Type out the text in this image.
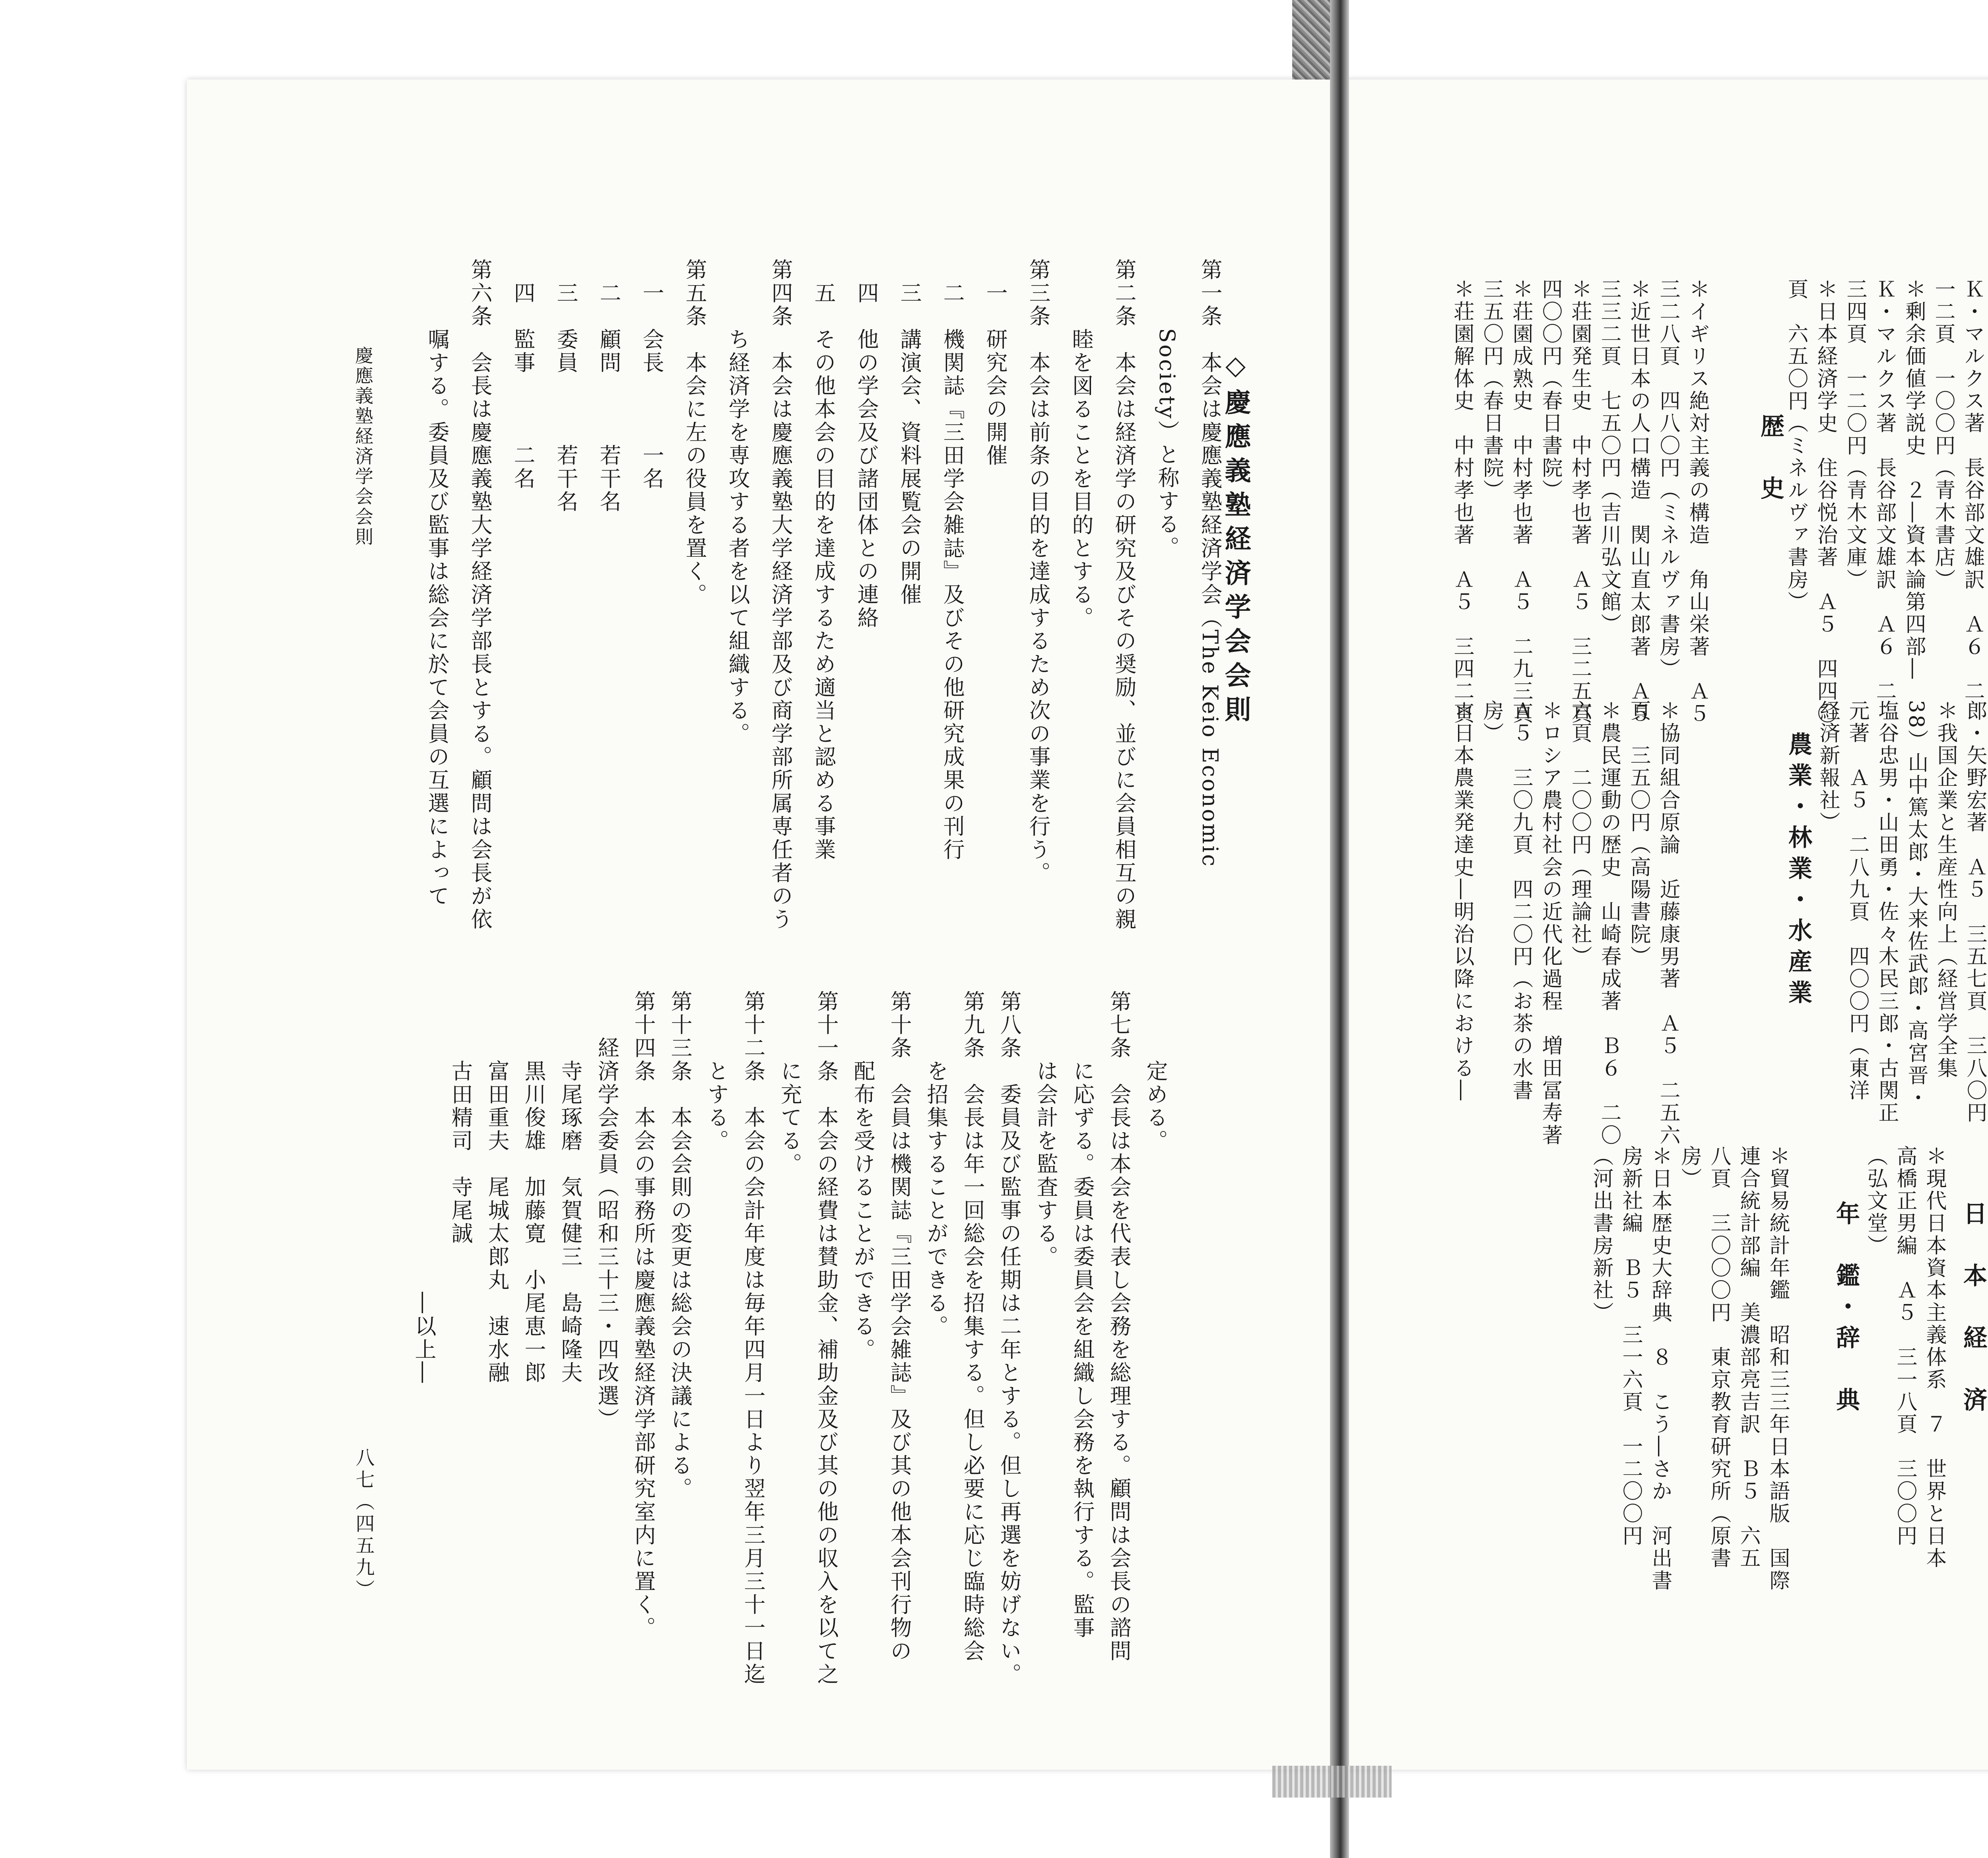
Ｋ・マルクス著　長谷部文雄訳　Ａ６　二
一二頁　一〇〇円（青木書店）
＊剰余価値学説史　２―資本論第四部―
Ｋ・マルクス著　長谷部文雄訳　Ａ６　二
三四頁　一二〇円（青木文庫）
＊日本経済学史　住谷悦治著　Ａ５　四四〇
頁　六五〇円（ミネルヴァ書房）
歴　史
＊イギリス絶対主義の構造　角山栄著　Ａ５
三二八頁　四八〇円（ミネルヴァ書房）
＊近世日本の人口構造　関山直太郎著　Ａ５
三三二頁　七五〇円（吉川弘文館）
＊荘園発生史　中村孝也著　Ａ５　三二五頁
四〇〇円（春日書院）
＊荘園成熟史　中村孝也著　Ａ５　二九三頁
三五〇円（春日書院）
＊荘園解体史　中村孝也著　Ａ５　三四二頁

郎・矢野宏著　Ａ５　三五七頁　三八〇円
＊我国企業と生産性向上（経営学全集
38）山中篤太郎・大来佐武郎・高宮晋・
塩谷忠男・山田勇・佐々木民三郎・古関正
元著　Ａ５　二八九頁　四〇〇円（東洋
経済新報社）
農業・林業・水産業
＊協同組合原論　近藤康男著　Ａ５　二五六
頁　三五〇円（高陽書院）
＊農民運動の歴史　山崎春成著　Ｂ６　二〇
六頁　二〇〇円（理論社）
＊ロシア農村社会の近代化過程　増田冨寿著
Ａ５　三〇九頁　四二〇円（お茶の水書
房）
＊日本農業発達史―明治以降における―
日　本　経　済
＊現代日本資本主義体系　７　世界と日本
高橋正男編　Ａ５　三一八頁　三〇〇円
（弘文堂）
年　鑑・辞　典
＊貿易統計年鑑　昭和三三年日本語版　国際
連合統計部編　美濃部亮吉訳　Ｂ５　六五
八頁　三〇〇〇円　東京教育研究所（原書
房）
＊日本歴史大辞典　８　こう―さか　河出書
房新社編　Ｂ５　三一六頁　一二〇〇円
（河出書房新社）
◇慶應義塾経済学会会則
第一条　本会は慶應義塾経済学会（The Keio Economic
　　　Society）と称する。
第二条　本会は経済学の研究及びその奨励、並びに会員相互の親
　　　睦を図ることを目的とする。
第三条　本会は前条の目的を達成するため次の事業を行う。
　一　研究会の開催
　二　機関誌『三田学会雑誌』及びその他研究成果の刊行
　三　講演会、資料展覧会の開催
　四　他の学会及び諸団体との連絡
　五　その他本会の目的を達成するため適当と認める事業
第四条　本会は慶應義塾大学経済学部及び商学部所属専任者のう
　　　ち経済学を専攻する者を以て組織する。
第五条　本会に左の役員を置く。
　一　会長　　　一名
　二　顧問　　　若干名
　三　委員　　　若干名
　四　監事　　　二名
第六条　会長は慶應義塾大学経済学部長とする。顧問は会長が依
　　　嘱する。委員及び監事は総会に於て会員の互選によって
　　　定める。
第七条　会長は本会を代表し会務を総理する。顧問は会長の諮問
　　　に応ずる。委員は委員会を組織し会務を執行する。監事
　　　は会計を監査する。
第八条　委員及び監事の任期は二年とする。但し再選を妨げない。
第九条　会長は年一回総会を招集する。但し必要に応じ臨時総会
　　　を招集することができる。
第十条　会員は機関誌『三田学会雑誌』及び其の他本会刊行物の
　　　配布を受けることができる。
第十一条　本会の経費は賛助金、補助金及び其の他の収入を以て之
　　　に充てる。
第十二条　本会の会計年度は毎年四月一日より翌年三月三十一日迄
　　　とする。
第十三条　本会会則の変更は総会の決議による。
第十四条　本会の事務所は慶應義塾経済学部研究室内に置く。
　　経済学会委員（昭和三十三・四改選）
　　　寺尾琢磨　気賀健三　島崎隆夫
　　　黒川俊雄　加藤寛　小尾恵一郎
　　　富田重夫　尾城太郎丸　速水融
　　　古田精司　寺尾誠
　　　　　　　　　　　　　―以上―
慶應義塾経済学会会則
八七（四五九）
